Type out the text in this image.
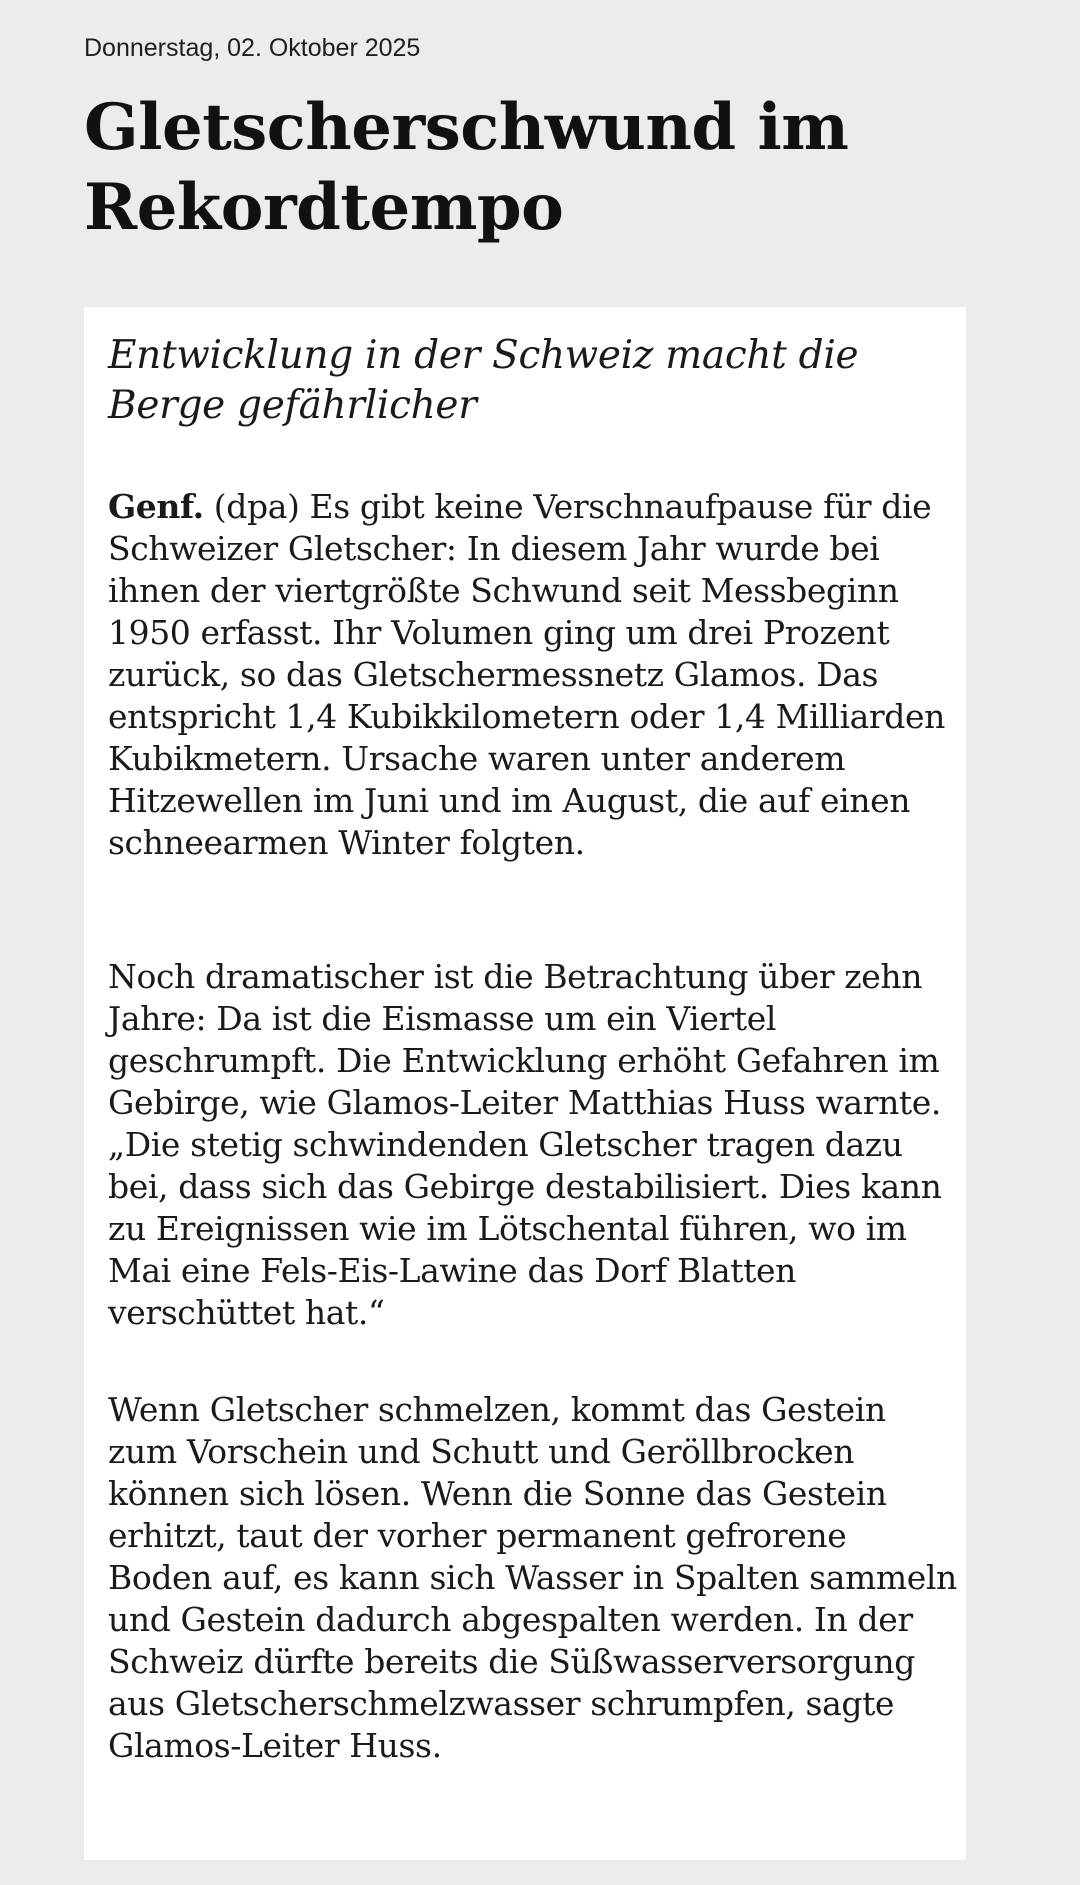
Donnerstag, 02. Oktober 2025
Gletscherschwund im Rekordtempo
Entwicklung in der Schweiz macht die Berge gefährlicher

Genf. (dpa) Es gibt keine Verschnaufpause für die Schweizer Gletscher: In diesem Jahr wurde bei ihnen der viertgrößte Schwund seit Messbeginn 1950 erfasst. Ihr Volumen ging um drei Prozent zurück, so das Gletschermessnetz Glamos. Das entspricht 1,4 Kubikkilometern oder 1,4 Milliarden Kubikmetern. Ursache waren unter anderem Hitzewellen im Juni und im August, die auf einen schneearmen Winter folgten.

Noch dramatischer ist die Betrachtung über zehn Jahre: Da ist die Eismasse um ein Viertel geschrumpft. Die Entwicklung erhöht Gefahren im Gebirge, wie Glamos-Leiter Matthias Huss warnte. „Die stetig schwindenden Gletscher tragen dazu bei, dass sich das Gebirge destabilisiert. Dies kann zu Ereignissen wie im Lötschental führen, wo im Mai eine Fels-Eis-Lawine das Dorf Blatten verschüttet hat.“

Wenn Gletscher schmelzen, kommt das Gestein zum Vorschein und Schutt und Geröllbrocken können sich lösen. Wenn die Sonne das Gestein erhitzt, taut der vorher permanent gefrorene Boden auf, es kann sich Wasser in Spalten sammeln und Gestein dadurch abgespalten werden. In der Schweiz dürfte bereits die Süßwasserversorgung aus Gletscherschmelzwasser schrumpfen, sagte Glamos-Leiter Huss.
